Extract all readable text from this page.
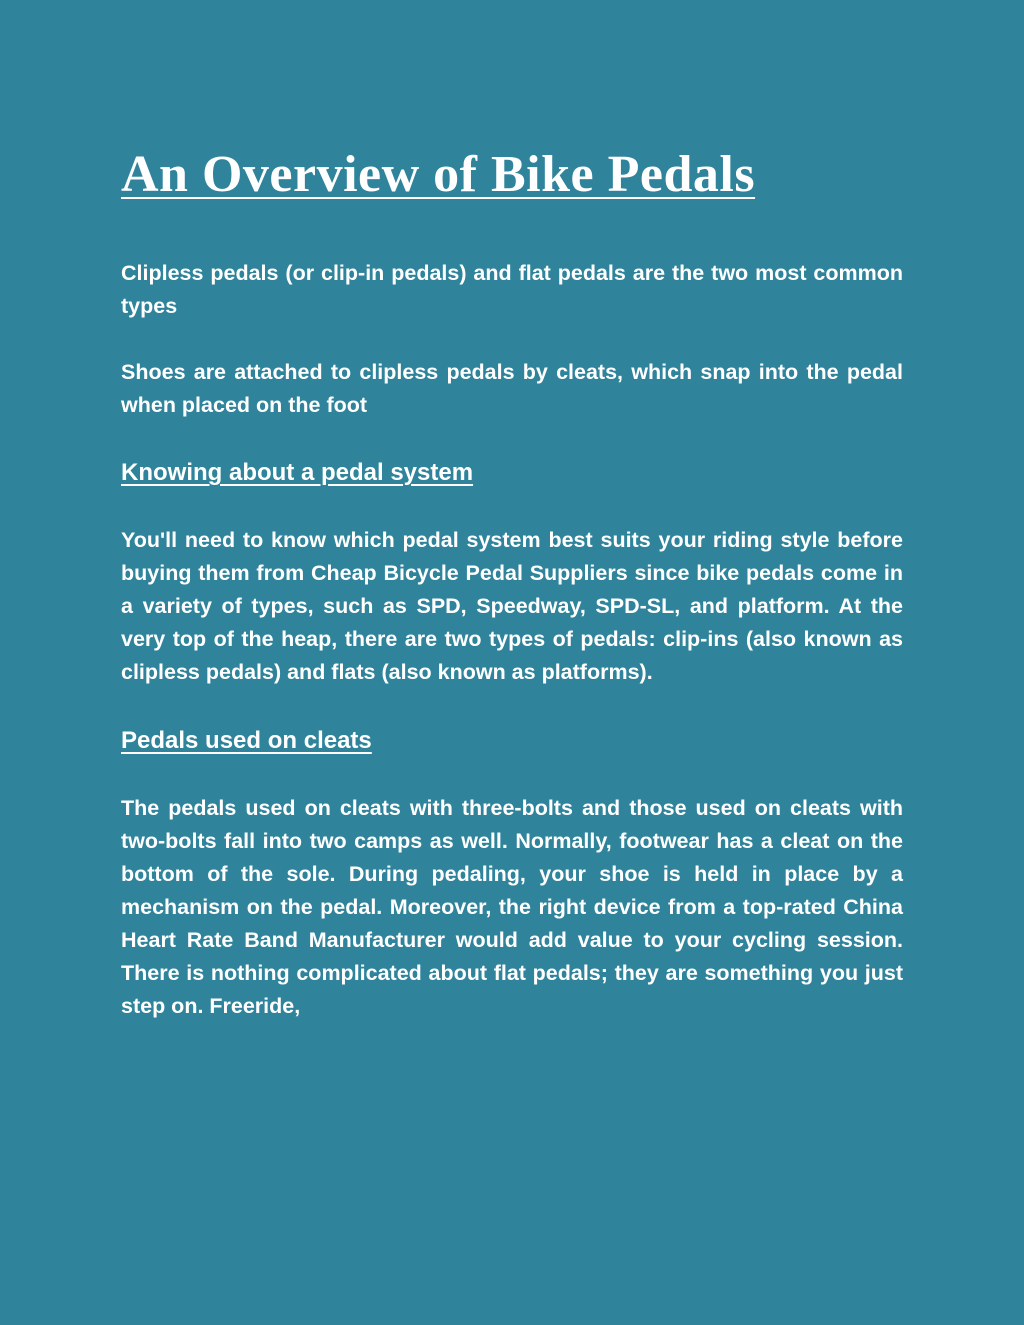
An Overview of Bike Pedals

Clipless pedals (or clip-in pedals) and flat pedals are the two most common types

Shoes are attached to clipless pedals by cleats, which snap into the pedal when placed on the foot

Knowing about a pedal system

You'll need to know which pedal system best suits your riding style before buying them from Cheap Bicycle Pedal Suppliers since bike pedals come in a variety of types, such as SPD, Speedway, SPD-SL, and platform. At the very top of the heap, there are two types of pedals: clip-ins (also known as clipless pedals) and flats (also known as platforms).

Pedals used on cleats

The pedals used on cleats with three-bolts and those used on cleats with two-bolts fall into two camps as well. Normally, footwear has a cleat on the bottom of the sole. During pedaling, your shoe is held in place by a mechanism on the pedal. Moreover, the right device from a top-rated China Heart Rate Band Manufacturer would add value to your cycling session. There is nothing complicated about flat pedals; they are something you just step on. Freeride,
